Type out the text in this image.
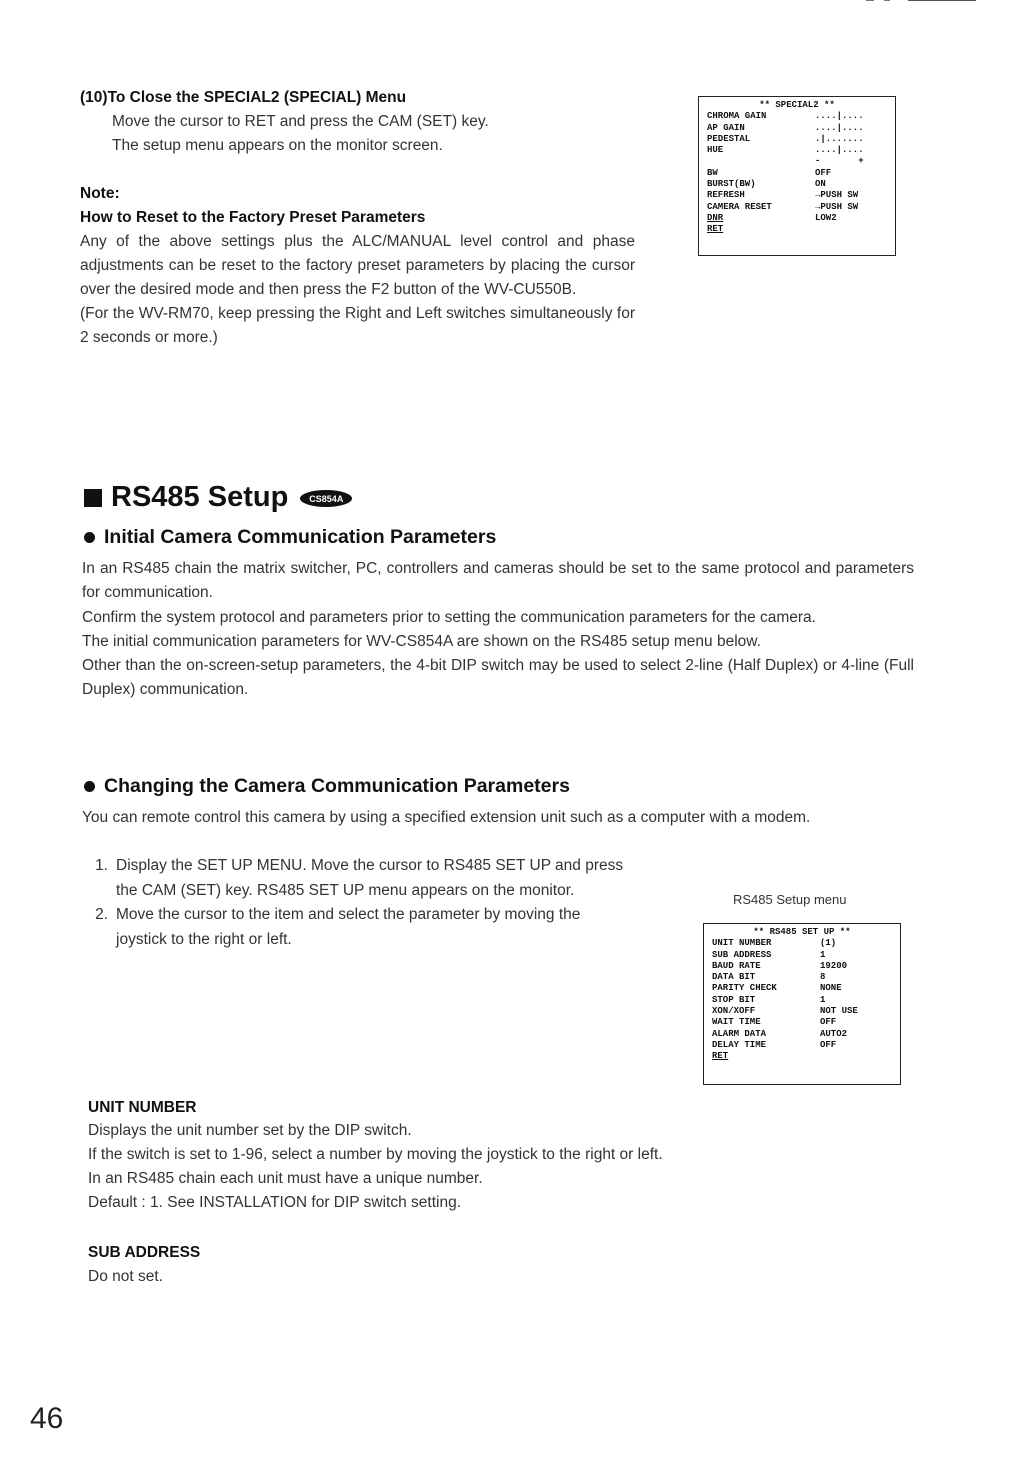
(10)To Close the SPECIAL2 (SPECIAL) Menu

Move the cursor to RET and press the CAM (SET) key.

The setup menu appears on the monitor screen.

Note:
How to Reset to the Factory Preset Parameters

Any of the above settings plus the ALC/MANUAL level control and phase adjustments can be reset to the factory preset parameters by placing the cursor over the desired mode and then press the F2 button of the WV-CU550B.

(For the WV-RM70, keep pressing the Right and Left switches simultaneously for 2 seconds or more.)

** SPECIAL2 **
CHROMA GAIN	....|....
AP GAIN	....|....
PEDESTAL	.|.......
HUE	....|....
-       +
BW	OFF
BURST(BW)	ON
REFRESH	→PUSH SW
CAMERA RESET	→PUSH SW
DNR	LOW2
RET
RS485 Setup	CS854A
Initial Camera Communication Parameters

In an RS485 chain the matrix switcher, PC, controllers and cameras should be set to the same protocol and parameters for communication.

Confirm the system protocol and parameters prior to setting the communication parameters for the camera.

The initial communication parameters for WV-CS854A are shown on the RS485 setup menu below.

Other than the on-screen-setup parameters, the 4-bit DIP switch may be used to select 2-line (Half Duplex) or 4-line (Full Duplex) communication.

Changing the Camera Communication Parameters
You can remote control this camera by using a specified extension unit such as a computer with a modem.
1. Display the SET UP MENU. Move the cursor to RS485 SET UP and press the CAM (SET) key. RS485 SET UP menu appears on the monitor.
2. Move the cursor to the item and select the parameter by moving the joystick to the right or left.
RS485 Setup menu
** RS485 SET UP **
UNIT NUMBER	(1)
SUB ADDRESS	1
BAUD RATE	19200
DATA BIT	8
PARITY CHECK	NONE
STOP BIT	1
XON/XOFF	NOT USE
WAIT TIME	OFF
ALARM DATA	AUTO2
DELAY TIME	OFF
RET
UNIT NUMBER

Displays the unit number set by the DIP switch.

If the switch is set to 1-96, select a number by moving the joystick to the right or left.

In an RS485 chain each unit must have a unique number.

Default : 1. See INSTALLATION for DIP switch setting.

SUB ADDRESS

Do not set.

46
